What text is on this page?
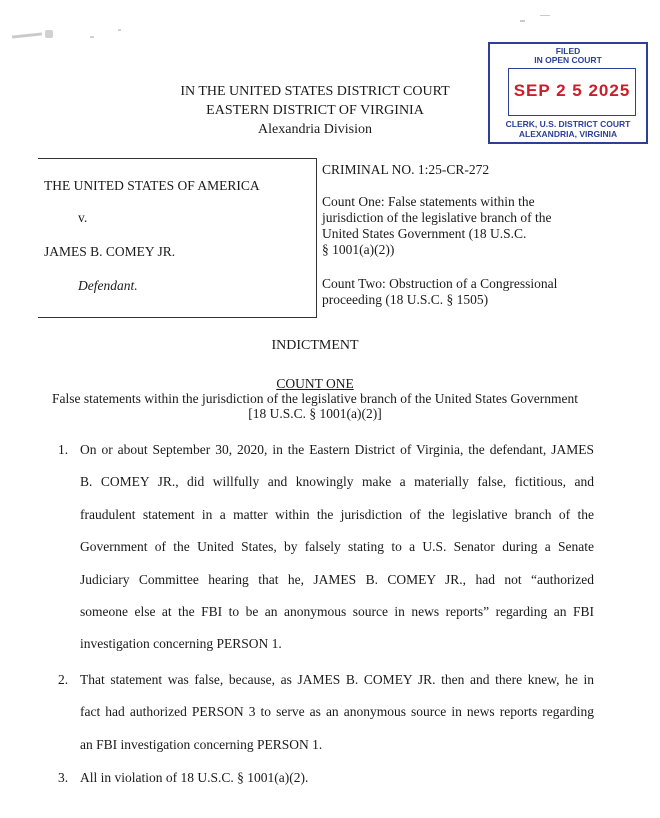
IN THE UNITED STATES DISTRICT COURT
EASTERN DISTRICT OF VIRGINIA
Alexandria Division
FILED
IN OPEN COURT
SEP 2 5 2025
CLERK, U.S. DISTRICT COURT
ALEXANDRIA, VIRGINIA
THE UNITED STATES OF AMERICA
v.
JAMES B. COMEY JR.
Defendant.
CRIMINAL NO. 1:25-CR-272
Count One: False statements within the
jurisdiction of the legislative branch of the
United States Government (18 U.S.C.
§ 1001(a)(2))
Count Two: Obstruction of a Congressional
proceeding (18 U.S.C. § 1505)
INDICTMENT
COUNT ONE
False statements within the jurisdiction of the legislative branch of the United States Government
[18 U.S.C. § 1001(a)(2)]
1. On or about September 30, 2020, in the Eastern District of Virginia, the defendant, JAMES
B. COMEY JR., did willfully and knowingly make a materially false, fictitious, and
fraudulent statement in a matter within the jurisdiction of the legislative branch of the
Government of the United States, by falsely stating to a U.S. Senator during a Senate
Judiciary Committee hearing that he, JAMES B. COMEY JR., had not “authorized
someone else at the FBI to be an anonymous source in news reports” regarding an FBI
investigation concerning PERSON 1.
2. That statement was false, because, as JAMES B. COMEY JR. then and there knew, he in
fact had authorized PERSON 3 to serve as an anonymous source in news reports regarding
an FBI investigation concerning PERSON 1.
3. All in violation of 18 U.S.C. § 1001(a)(2).
